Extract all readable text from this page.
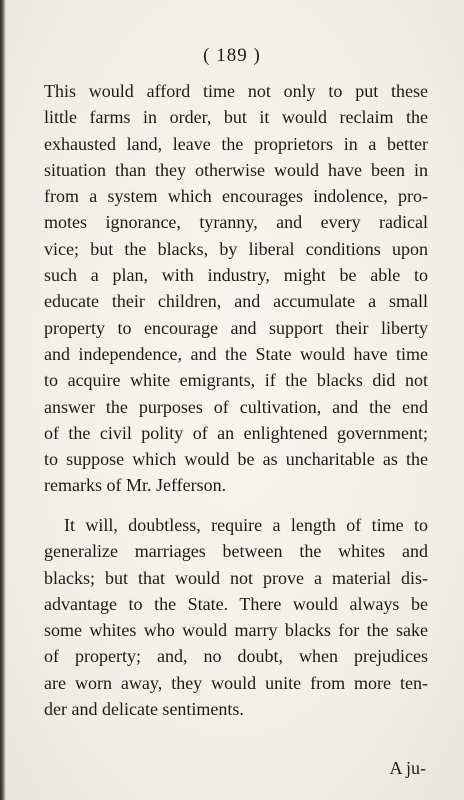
( 189 )
This would afford time not only to put these
little farms in order, but it would reclaim the
exhausted land, leave the proprietors in a better
situation than they otherwise would have been in
from a system which encourages indolence, pro-
motes ignorance, tyranny, and every radical
vice; but the blacks, by liberal conditions upon
such a plan, with industry, might be able to
educate their children, and accumulate a small
property to encourage and support their liberty
and independence, and the State would have time
to acquire white emigrants, if the blacks did not
answer the purposes of cultivation, and the end
of the civil polity of an enlightened government;
to suppose which would be as uncharitable as the
remarks of Mr. Jefferson.
It will, doubtless, require a length of time to
generalize marriages between the whites and
blacks; but that would not prove a material dis-
advantage to the State. There would always be
some whites who would marry blacks for the sake
of property; and, no doubt, when prejudices
are worn away, they would unite from more ten-
der and delicate sentiments.
A ju-
